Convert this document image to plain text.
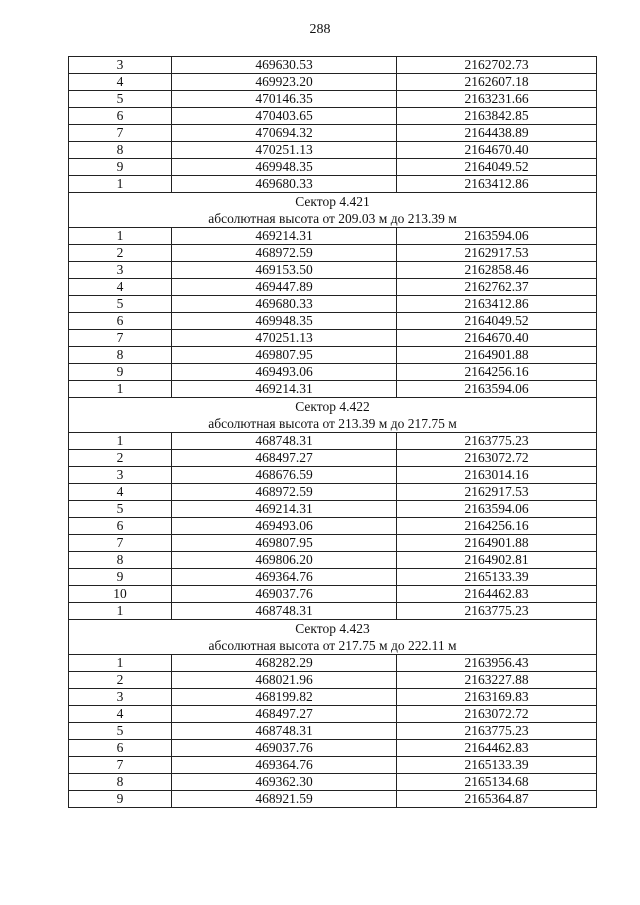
288
3	469630.53	2162702.73
4	469923.20	2162607.18
5	470146.35	2163231.66
6	470403.65	2163842.85
7	470694.32	2164438.89
8	470251.13	2164670.40
9	469948.35	2164049.52
1	469680.33	2163412.86

Сектор 4.421
абсолютная высота от 209.03 м до 213.39 м		

1	469214.31	2163594.06
2	468972.59	2162917.53
3	469153.50	2162858.46
4	469447.89	2162762.37
5	469680.33	2163412.86
6	469948.35	2164049.52
7	470251.13	2164670.40
8	469807.95	2164901.88
9	469493.06	2164256.16
1	469214.31	2163594.06

Сектор 4.422
абсолютная высота от 213.39 м до 217.75 м		

1	468748.31	2163775.23
2	468497.27	2163072.72
3	468676.59	2163014.16
4	468972.59	2162917.53
5	469214.31	2163594.06
6	469493.06	2164256.16
7	469807.95	2164901.88
8	469806.20	2164902.81
9	469364.76	2165133.39
10	469037.76	2164462.83
1	468748.31	2163775.23

Сектор 4.423
абсолютная высота от 217.75 м до 222.11 м		

1	468282.29	2163956.43
2	468021.96	2163227.88
3	468199.82	2163169.83
4	468497.27	2163072.72
5	468748.31	2163775.23
6	469037.76	2164462.83
7	469364.76	2165133.39
8	469362.30	2165134.68
9	468921.59	2165364.87
